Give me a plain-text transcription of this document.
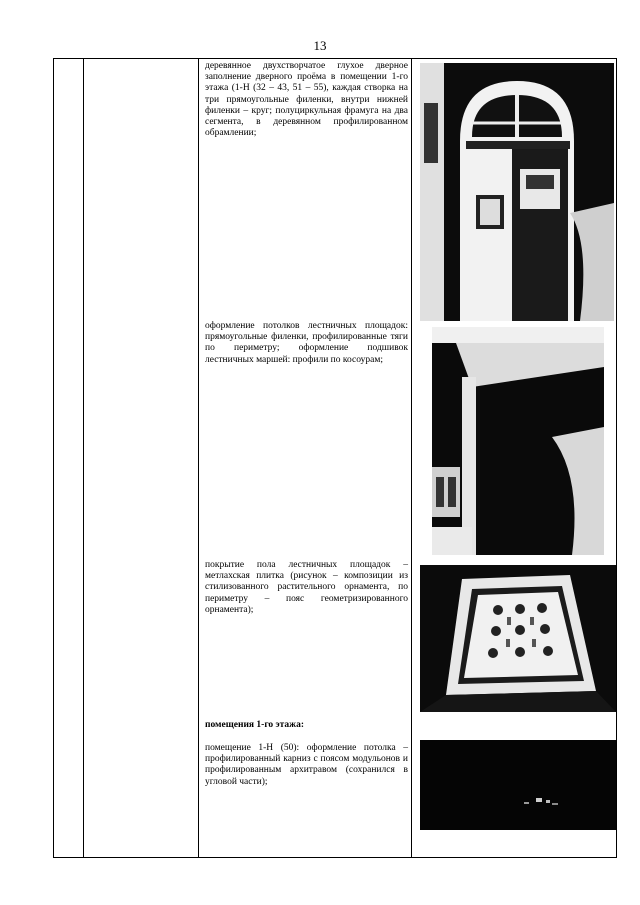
13
деревянное двухстворчатое глухое дверное заполнение дверного проёма в помещении 1-го этажа (1-Н (32 – 43, 51 – 55), каждая створка на три прямоугольные филенки, внутри нижней филенки – круг; полуциркульная фрамуга на два сегмента, в деревянном профилированном обрамлении;
оформление потолков лестничных площадок: прямоугольные филенки, профилированные тяги по периметру; оформление подшивок лестничных маршей: профили по косоурам;
покрытие пола лестничных площадок – метлахская плитка (рисунок – композиции из стилизованного растительного орнамента, по периметру – пояс геометризированного орнамента);
помещения 1-го этажа:
помещение 1-Н (50): оформление потолка – профилированный карниз с поясом модульонов и профилированным архитравом (сохранился в угловой части);
